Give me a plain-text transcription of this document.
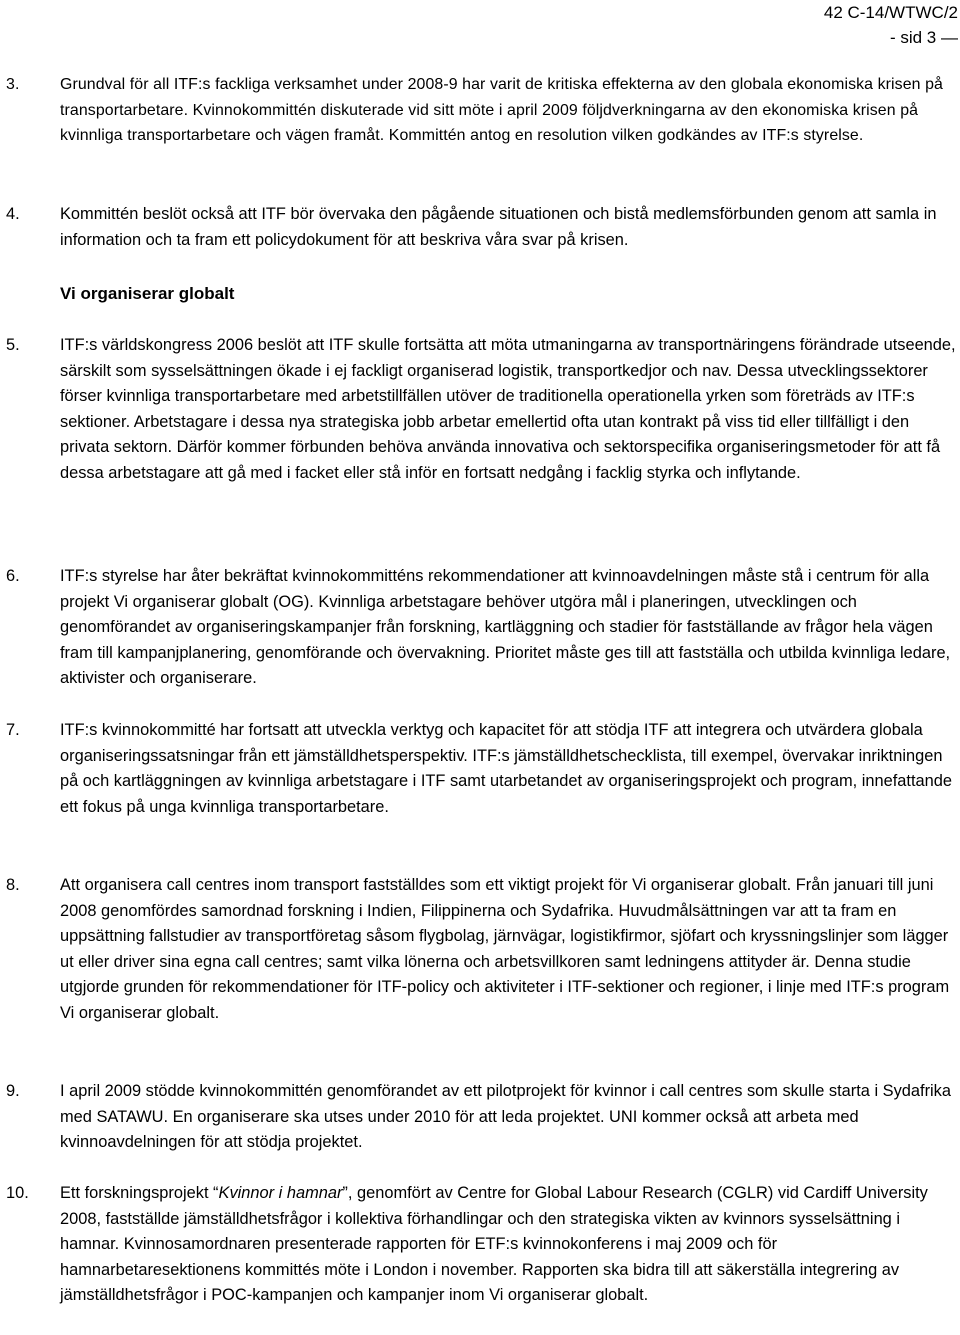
42 C-14/WTWC/2
- sid 3 —
3.	Grundval för all ITF:s fackliga verksamhet under 2008-9 har varit de kritiska effekterna av den globala ekonomiska krisen på transportarbetare. Kvinnokommittén diskuterade vid sitt möte i april 2009 följdverkningarna av den ekonomiska krisen på kvinnliga transportarbetare och vägen framåt. Kommittén antog en resolution vilken godkändes av ITF:s styrelse.
4. Kommittén beslöt också att ITF bör övervaka den pågående situationen och bistå medlemsförbunden genom att samla in information och ta fram ett policydokument för att beskriva våra svar på krisen.
Vi organiserar globalt
5. ITF:s världskongress 2006 beslöt att ITF skulle fortsätta att möta utmaningarna av transportnäringens förändrade utseende, särskilt som sysselsättningen ökade i ej fackligt organiserad logistik, transportkedjor och nav. Dessa utvecklingssektorer förser kvinnliga transportarbetare med arbetstillfällen utöver de traditionella operationella yrken som företräds av ITF:s sektioner. Arbetstagare i dessa nya strategiska jobb arbetar emellertid ofta utan kontrakt på viss tid eller tillfälligt i den privata sektorn. Därför kommer förbunden behöva använda innovativa och sektorspecifika organiseringsmetoder för att få dessa arbetstagare att gå med i facket eller stå inför en fortsatt nedgång i facklig styrka och inflytande.
6. ITF:s styrelse har åter bekräftat kvinnokommitténs rekommendationer att kvinnoavdelningen måste stå i centrum för alla projekt Vi organiserar globalt (OG). Kvinnliga arbetstagare behöver utgöra mål i planeringen, utvecklingen och genomförandet av organiseringskampanjer från forskning, kartläggning och stadier för fastställande av frågor hela vägen fram till kampanjplanering, genomförande och övervakning. Prioritet måste ges till att fastställa och utbilda kvinnliga ledare, aktivister och organiserare.
7. ITF:s kvinnokommitté har fortsatt att utveckla verktyg och kapacitet för att stödja ITF att integrera och utvärdera globala organiseringssatsningar från ett jämställdhetsperspektiv. ITF:s jämställdhetschecklista, till exempel, övervakar inriktningen på och kartläggningen av kvinnliga arbetstagare i ITF samt utarbetandet av organiseringsprojekt och program, innefattande ett fokus på unga kvinnliga transportarbetare.
8. Att organisera call centres inom transport fastställdes som ett viktigt projekt för Vi organiserar globalt. Från januari till juni 2008 genomfördes samordnad forskning i Indien, Filippinerna och Sydafrika. Huvudmålsättningen var att ta fram en uppsättning fallstudier av transportföretag såsom flygbolag, järnvägar, logistikfirmor, sjöfart och kryssningslinjer som lägger ut eller driver sina egna call centres; samt vilka lönerna och arbetsvillkoren samt ledningens attityder är. Denna studie utgjorde grunden för rekommendationer för ITF-policy och aktiviteter i ITF-sektioner och regioner, i linje med ITF:s program Vi organiserar globalt.
9. I april 2009 stödde kvinnokommittén genomförandet av ett pilotprojekt för kvinnor i call centres som skulle starta i Sydafrika med SATAWU. En organiserare ska utses under 2010 för att leda projektet. UNI kommer också att arbeta med kvinnoavdelningen för att stödja projektet.
10. Ett forskningsprojekt “Kvinnor i hamnar”, genomfört av Centre for Global Labour Research (CGLR) vid Cardiff University 2008, fastställde jämställdhetsfrågor i kollektiva förhandlingar och den strategiska vikten av kvinnors sysselsättning i hamnar. Kvinnosamordnaren presenterade rapporten för ETF:s kvinnokonferens i maj 2009 och för hamnarbetaresektionens kommittés möte i London i november. Rapporten ska bidra till att säkerställa integrering av jämställdhetsfrågor i POC-kampanjen och kampanjer inom Vi organiserar globalt.
